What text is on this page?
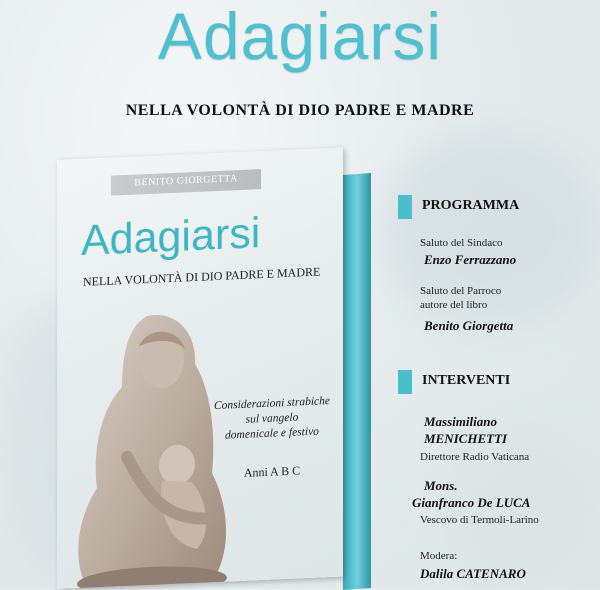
Adagiarsi
NELLA VOLONTÀ DI DIO PADRE E MADRE
BENITO GIORGETTA
Adagiarsi
NELLA VOLONTÀ DI DIO PADRE E MADRE
Considerazioni strabiche
sul vangelo
domenicale e festivo
Anni A B C
PROGRAMMA
Saluto del Sindaco
Enzo Ferrazzano
Saluto del Parroco
autore del libro
Benito Giorgetta
INTERVENTI
Massimiliano
MENICHETTI
Direttore Radio Vaticana
Mons.
Gianfranco De LUCA
Vescovo di Termoli-Larino
Modera:
Dalila CATENARO
